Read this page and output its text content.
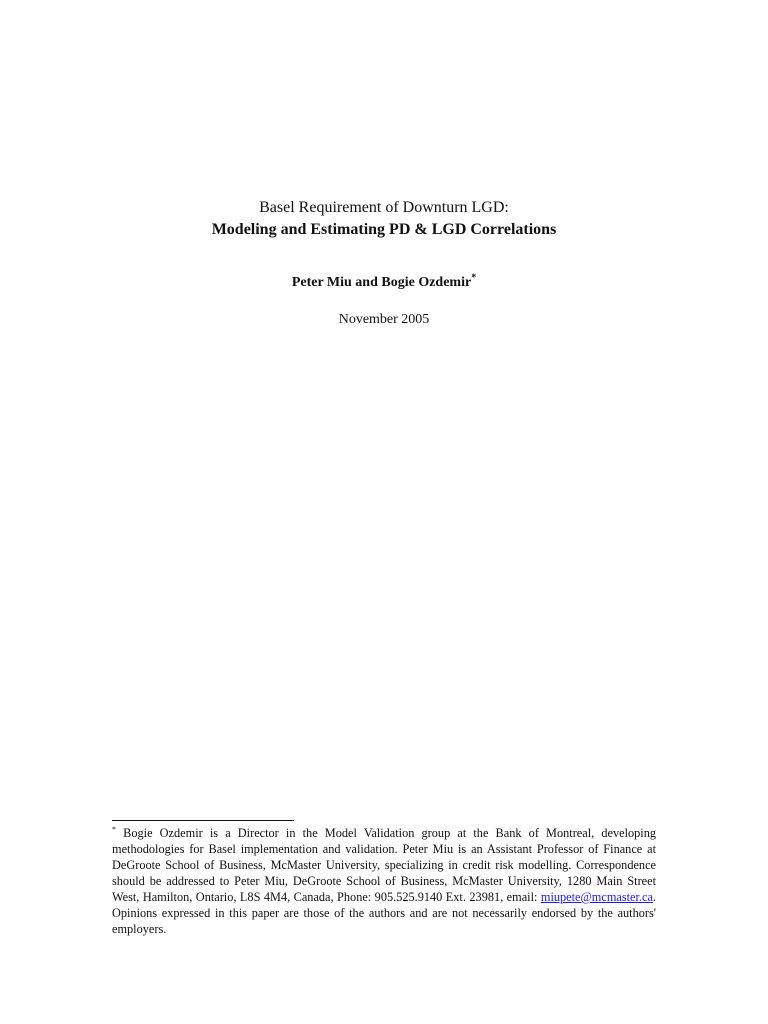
Basel Requirement of Downturn LGD:
Modeling and Estimating PD & LGD Correlations
Peter Miu and Bogie Ozdemir*
November 2005
* Bogie Ozdemir is a Director in the Model Validation group at the Bank of Montreal, developing methodologies for Basel implementation and validation. Peter Miu is an Assistant Professor of Finance at DeGroote School of Business, McMaster University, specializing in credit risk modelling. Correspondence should be addressed to Peter Miu, DeGroote School of Business, McMaster University, 1280 Main Street West, Hamilton, Ontario, L8S 4M4, Canada, Phone: 905.525.9140 Ext. 23981, email: miupete@mcmaster.ca. Opinions expressed in this paper are those of the authors and are not necessarily endorsed by the authors' employers.
